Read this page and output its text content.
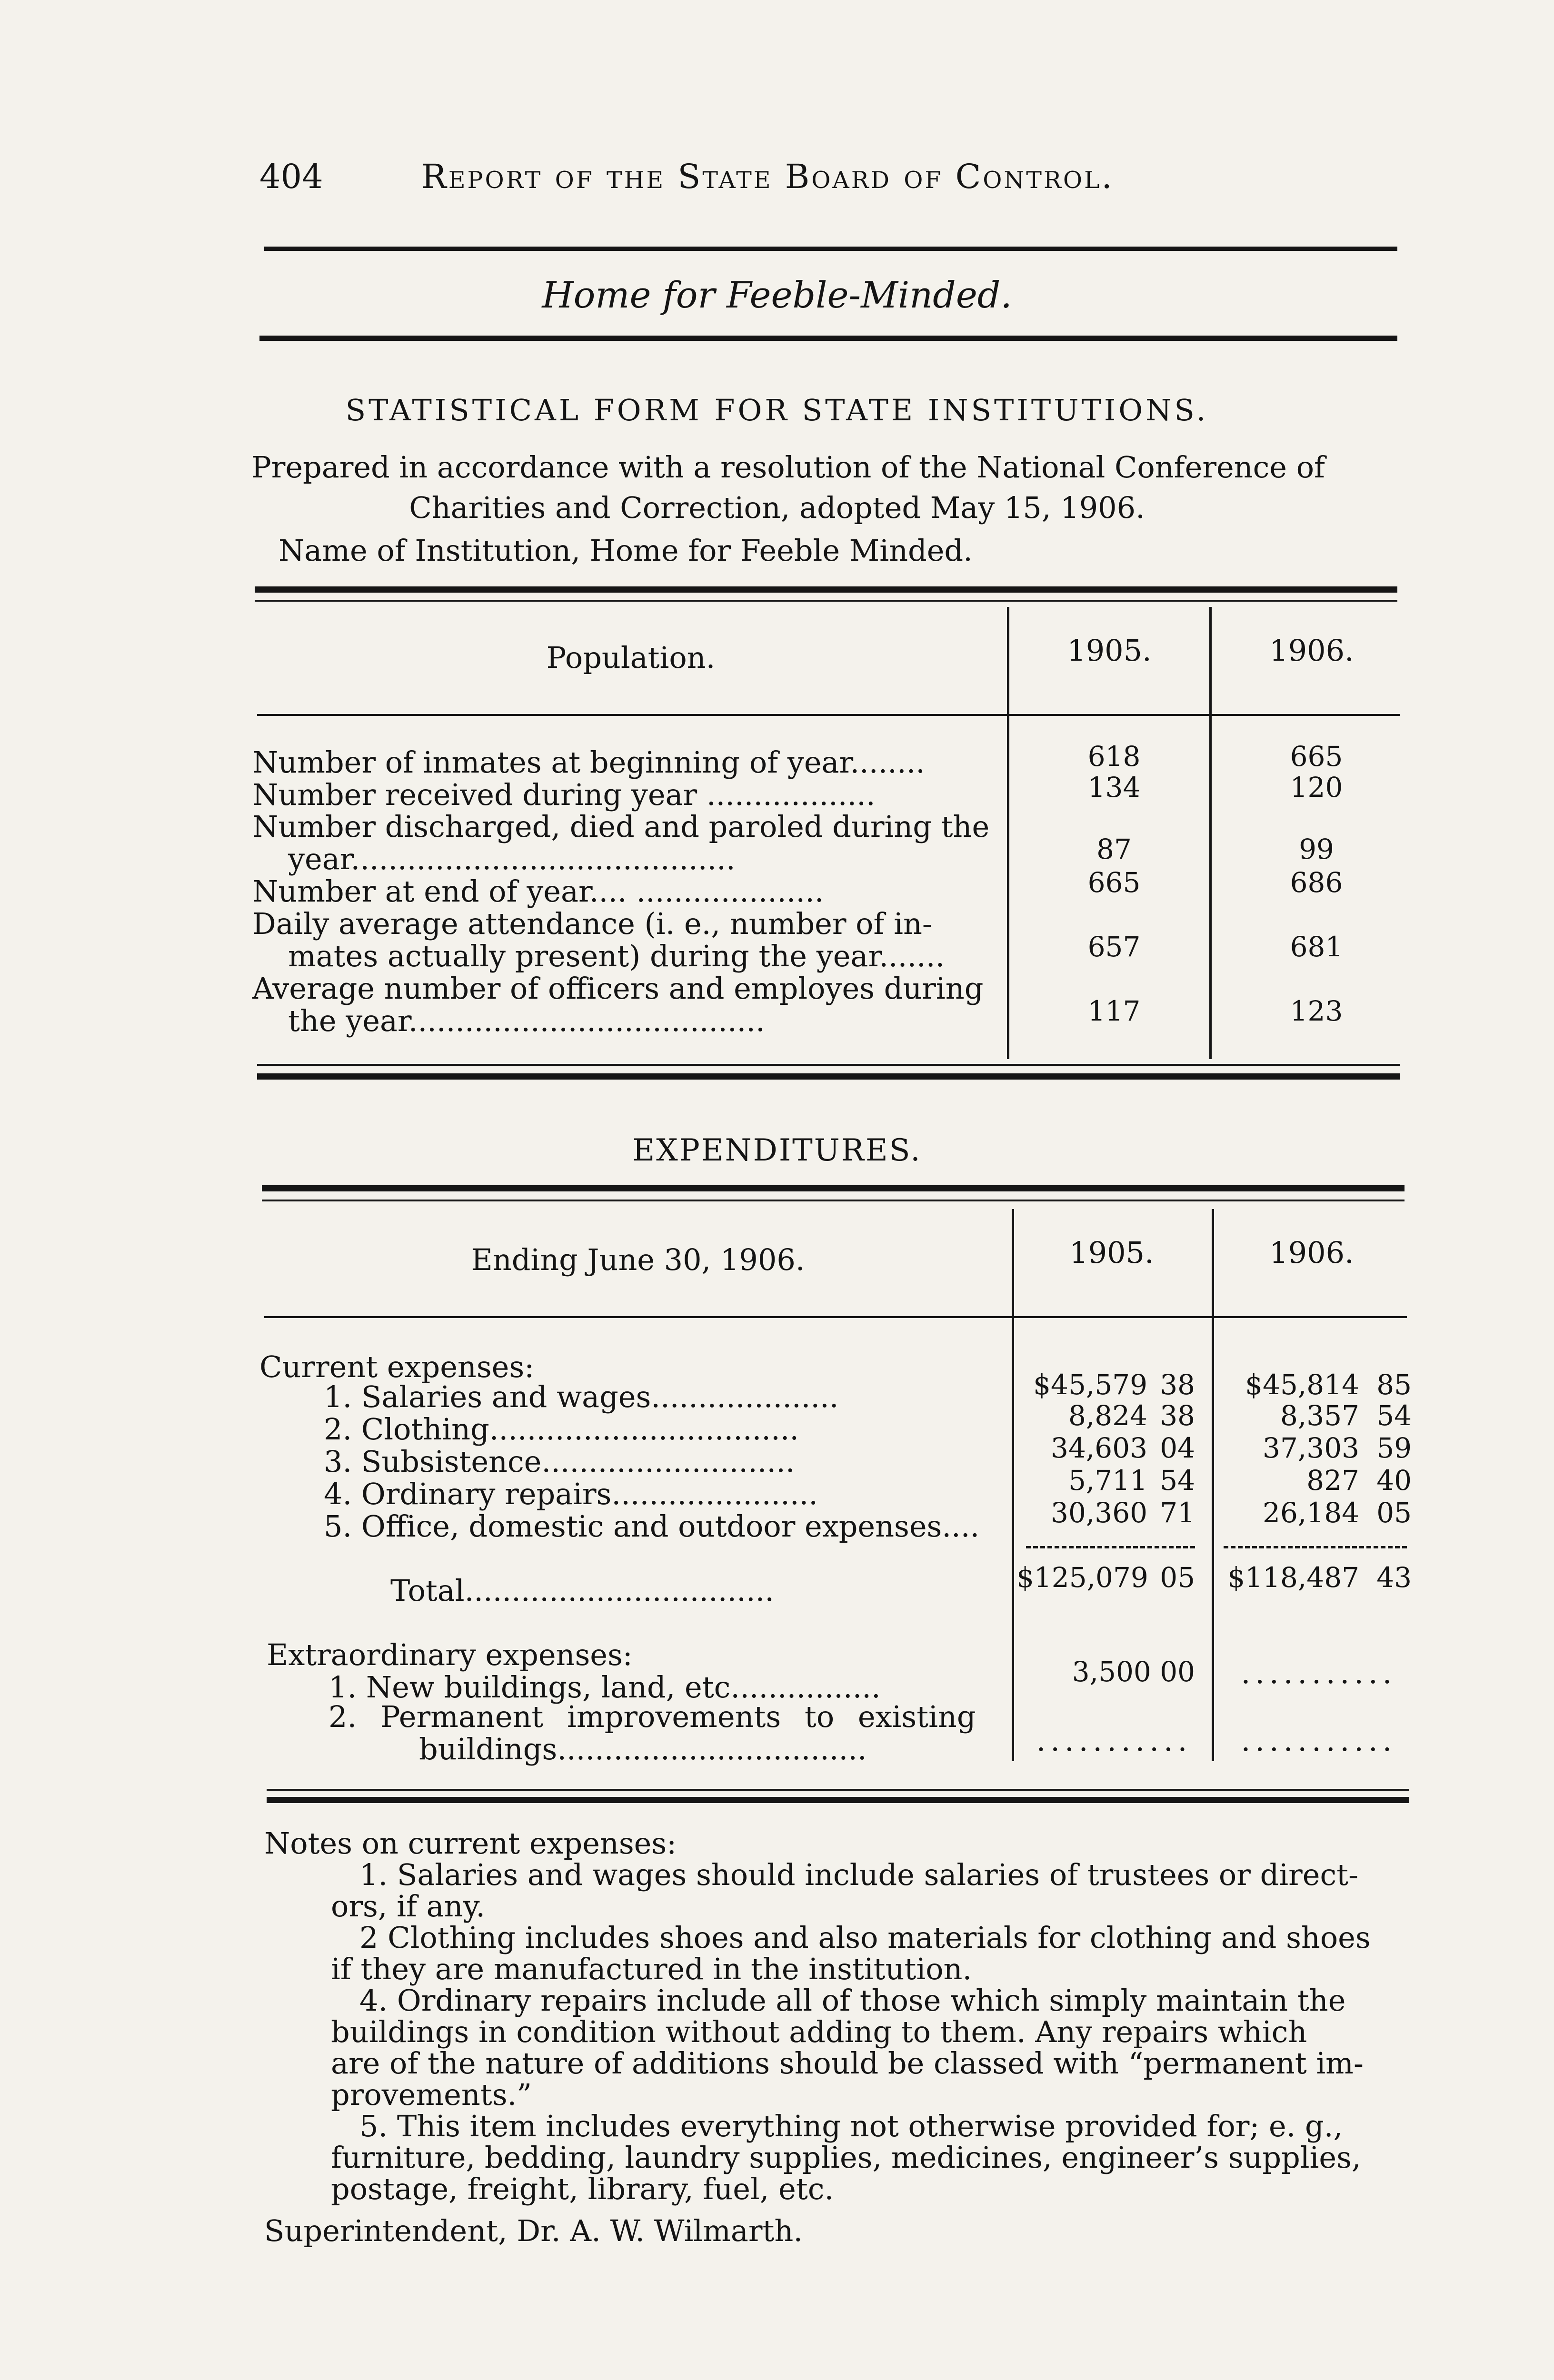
404	Report of the State Board of Control.
Home for Feeble-Minded.
STATISTICAL FORM FOR STATE INSTITUTIONS.
Prepared in accordance with a resolution of the National Conference of
Charities and Correction, adopted May 15, 1906.
Name of Institution, Home for Feeble Minded.
Population.	1905.	1906.
Number of inmates at beginning of year........	618	665
Number received during year ..................	134	120
Number discharged, died and paroled during the
year.........................................	87	99
Number at end of year.... ....................	665	686
Daily average attendance (i. e., number of in-
mates actually present) during the year.......	657	681
Average number of officers and employes during
the year......................................	117	123
EXPENDITURES.
Ending June 30, 1906.	1905.	1906.
Current expenses:
1. Salaries and wages....................	$45,579 38	$45,814 85
2. Clothing.................................	8,824 38	8,357 54
3. Subsistence...........................	34,603 04	37,303 59
4. Ordinary repairs......................	5,711 54	827 40
5. Office, domestic and outdoor expenses....	30,360 71	26,184 05
Total.................................	$125,079 05	$118,487 43
Extraordinary expenses:
1. New buildings, land, etc................	3,500 00	...........
2. Permanent improvements to existing
buildings.................................	...........	...........

Notes on current expenses:

1. Salaries and wages should include salaries of trustees or direct-

ors, if any.

2 Clothing includes shoes and also materials for clothing and shoes

if they are manufactured in the institution.

4. Ordinary repairs include all of those which simply maintain the

buildings in condition without adding to them. Any repairs which

are of the nature of additions should be classed with “permanent im-

provements.”

5. This item includes everything not otherwise provided for; e. g.,

furniture, bedding, laundry supplies, medicines, engineer’s supplies,

postage, freight, library, fuel, etc.

Superintendent, Dr. A. W. Wilmarth.
